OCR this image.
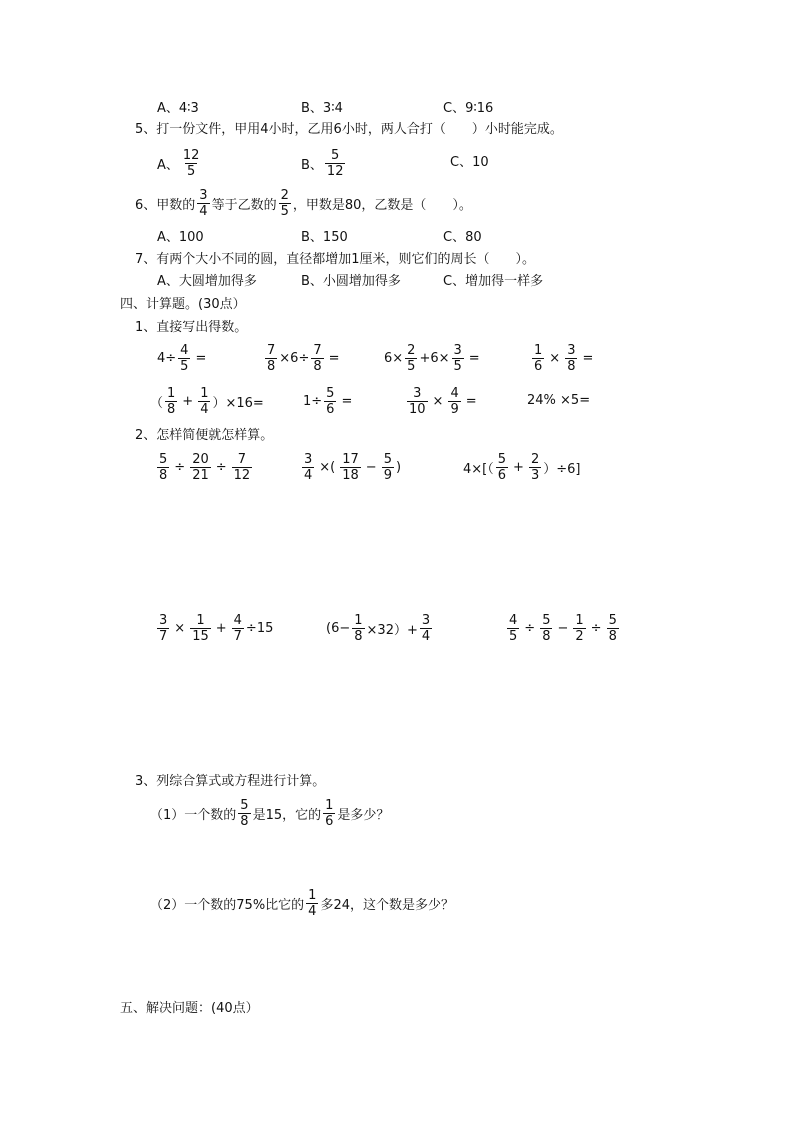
A、4∶3	B、3∶4	C、9∶16
5、打一份文件，甲用4小时，乙用6小时，两人合打（　　）小时能完成。
A、 $\frac{12}{5}$	B、 $\frac{5}{12}$	C、10
6、甲数的 $\frac{3}{4}$ 等于乙数的 $\frac{2}{5}$ ，甲数是80，乙数是（　　）。
A、100	B、150	C、80
7、有两个大小不同的圆，直径都增加1厘米，则它们的周长（　　）。
A、大圆增加得多	B、小圆增加得多	C、增加得一样多
四、计算题。(30点）
1、直接写出得数。
$4\div \frac{4}{5}$ =	$\frac{7}{8} \times 6\div \frac{7}{8}$ =	$6\times \frac{2}{5} +6\times \frac{3}{5}$ =	$\frac{1}{6} \times \frac{3}{8}$ =
（ $\frac{1}{8} + \frac{1}{4} )\times 16=$	$1\div \frac{5}{6}$ =	$\frac{3}{10} \times \frac{4}{9}$ =	24% ×5=
2、怎样简便就怎样算。
$\frac{5}{8} \div \frac{20}{21} \div \frac{7}{12}$	$\frac{3}{4}$ ×( $\frac{17}{18} - \frac{5}{9}$ )	$4\times[( \frac{5}{6} + \frac{2}{3} )\div 6]$
$\frac{3}{7} \times \frac{1}{15} + \frac{4}{7} \div 15$	$(6- \frac{1}{8} \times 32)+ \frac{3}{4}$	$\frac{4}{5} \div \frac{5}{8} - \frac{1}{2} \div \frac{5}{8}$
3、列综合算式或方程进行计算。
（1）一个数的 $\frac{5}{8}$ 是15，它的 $\frac{1}{6}$ 是多少？
（2）一个数的75%比它的 $\frac{1}{4}$ 多24，这个数是多少？
五、解决问题：(40点）
